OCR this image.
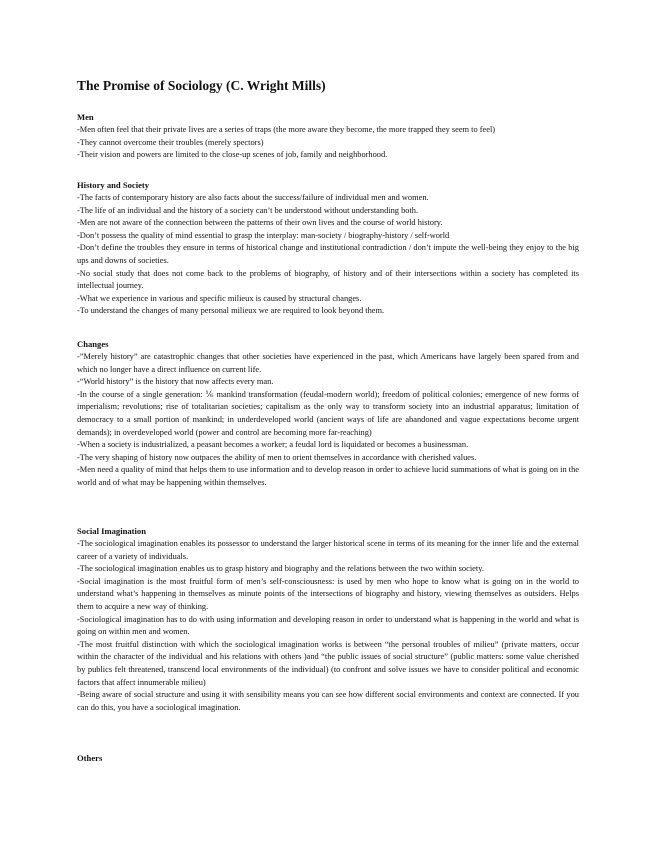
The Promise of Sociology (C. Wright Mills)
Men
-Men often feel that their private lives are a series of traps (the more aware they become, the more trapped they seem to feel)
-They cannot overcome their troubles (merely spectors)
-Their vision and powers are limited to the close-up scenes of job, family and neighborhood.
History and Society
-The facts of contemporary history are also facts about the success/failure of individual men and women.
-The life of an individual and the history of a society can’t be understood without understanding both.
-Men are not aware of the connection between the patterns of their own lives and the course of world history.
-Don’t possess the quality of mind essential to grasp the interplay: man-society / biography-history / self-world
-Don’t define the troubles they ensure in terms of historical change and institutional contradiction / don’t impute the well-being they enjoy to the big ups and downs of societies.
-No social study that does not come back to the problems of biography, of history and of their intersections within a society has completed its intellectual journey.
-What we experience in various and specific milieux is caused by structural changes.
-To understand the changes of many personal milieux we are required to look beyond them.
Changes
-”Merely history” are catastrophic changes that other societies have experienced in the past, which Americans have largely been spared from and which no longer have a direct influence on current life.
-“World history” is the history that now affects every man.
-In the course of a single generation: ⅙ mankind transformation (feudal-modern world); freedom of political colonies; emergence of new forms of imperialism; revolutions; rise of totalitarian societies; capitalism as the only way to transform society into an industrial apparatus; limitation of democracy to a small portion of mankind; in underdeveloped world (ancient ways of life are abandoned and vague expectations become urgent demands); in overdeveloped world (power and control are becoming more far-reaching)
-When a society is industrialized, a peasant becomes a worker; a feudal lord is liquidated or becomes a businessman.
-The very shaping of history now outpaces the ability of men to orient themselves in accordance with cherished values.
-Men need a quality of mind that helps them to use information and to develop reason in order to achieve lucid summations of what is going on in the world and of what may be happening within themselves.
Social Imagination
-The sociological imagination enables its possessor to understand the larger historical scene in terms of its meaning for the inner life and the external career of a variety of individuals.
-The sociological imagination enables us to grasp history and biography and the relations between the two within society.
-Social imagination is the most fruitful form of men’s self-consciousness: is used by men who hope to know what is going on in the world to understand what’s happening in themselves as minute points of the intersections of biography and history, viewing themselves as outsiders. Helps them to acquire a new way of thinking.
-Sociological imagination has to do with using information and developing reason in order to understand what is happening in the world and what is going on within men and women.
-The most fruitful distinction with which the sociological imagination works is between “the personal troubles of milieu” (private matters, occur within the character of the individual and his relations with others )and “the public issues of social structure” (public matters: some value cherished by publics felt threatened, transcend local environments of the individual) (to confront and solve issues we have to consider political and economic factors that affect innumerable milieu)
-Being aware of social structure and using it with sensibility means you can see how different social environments and context are connected. If you can do this, you have a sociological imagination.
Others
